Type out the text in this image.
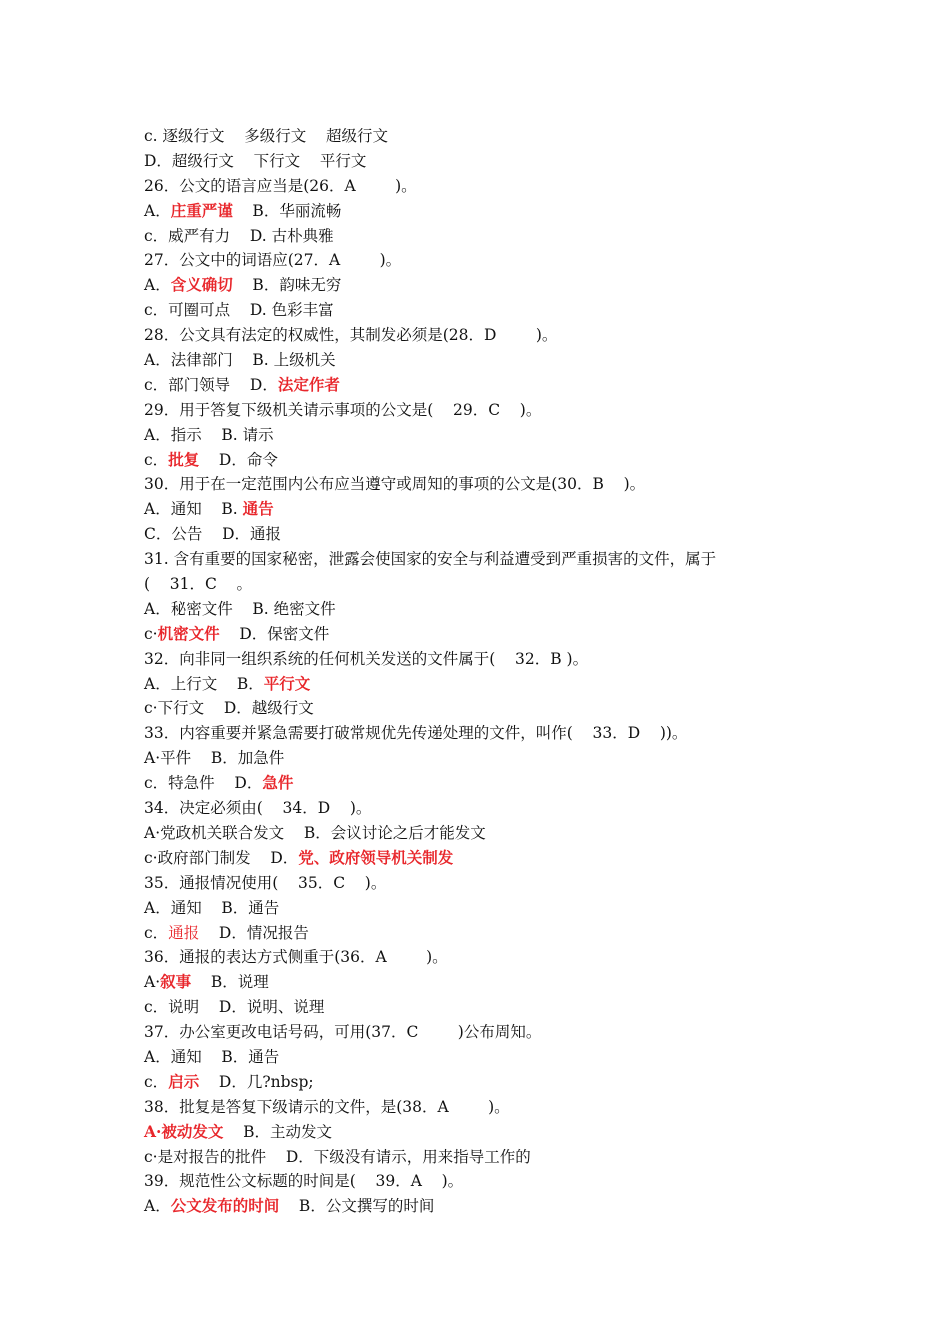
c. 逐级行文    多级行文    超级行文
D．超级行文    下行文    平行文
26．公文的语言应当是(26．A        )。
A．庄重严谨    B．华丽流畅
c．威严有力    D. 古朴典雅
27．公文中的词语应(27．A        )。
A．含义确切    B．韵味无穷
c．可圈可点    D. 色彩丰富
28．公文具有法定的权威性，其制发必须是(28．D        )。
A．法律部门    B. 上级机关
c．部门领导    D．法定作者
29．用于答复下级机关请示事项的公文是(    29．C    )。
A．指示    B. 请示
c．批复    D．命令
30．用于在一定范围内公布应当遵守或周知的事项的公文是(30．B    )。
A．通知    B. 通告
C．公告    D．通报
31. 含有重要的国家秘密，泄露会使国家的安全与利益遭受到严重损害的文件，属于
(    31．C    。
A．秘密文件    B. 绝密文件
c·机密文件    D．保密文件
32．向非同一组织系统的任何机关发送的文件属于(    32．B )。
A．上行文    B．平行文
c·下行文    D．越级行文
33．内容重要并紧急需要打破常规优先传递处理的文件，叫作(    33．D    ))。
A·平件    B．加急件
c．特急件    D．急件
34．决定必须由(    34．D    )。
A·党政机关联合发文    B．会议讨论之后才能发文
c·政府部门制发    D．党、政府领导机关制发
35．通报情况使用(    35．C    )。
A．通知    B．通告
c．通报    D．情况报告
36．通报的表达方式侧重于(36．A        )。
A·叙事    B．说理
c．说明    D．说明、说理
37．办公室更改电话号码，可用(37．C        )公布周知。
A．通知    B．通告
c．启示    D．几?nbsp;
38．批复是答复下级请示的文件，是(38．A        )。
A·被动发文    B．主动发文
c·是对报告的批件    D．下级没有请示，用来指导工作的
39．规范性公文标题的时间是(    39．A    )。
A．公文发布的时间    B．公文撰写的时间
